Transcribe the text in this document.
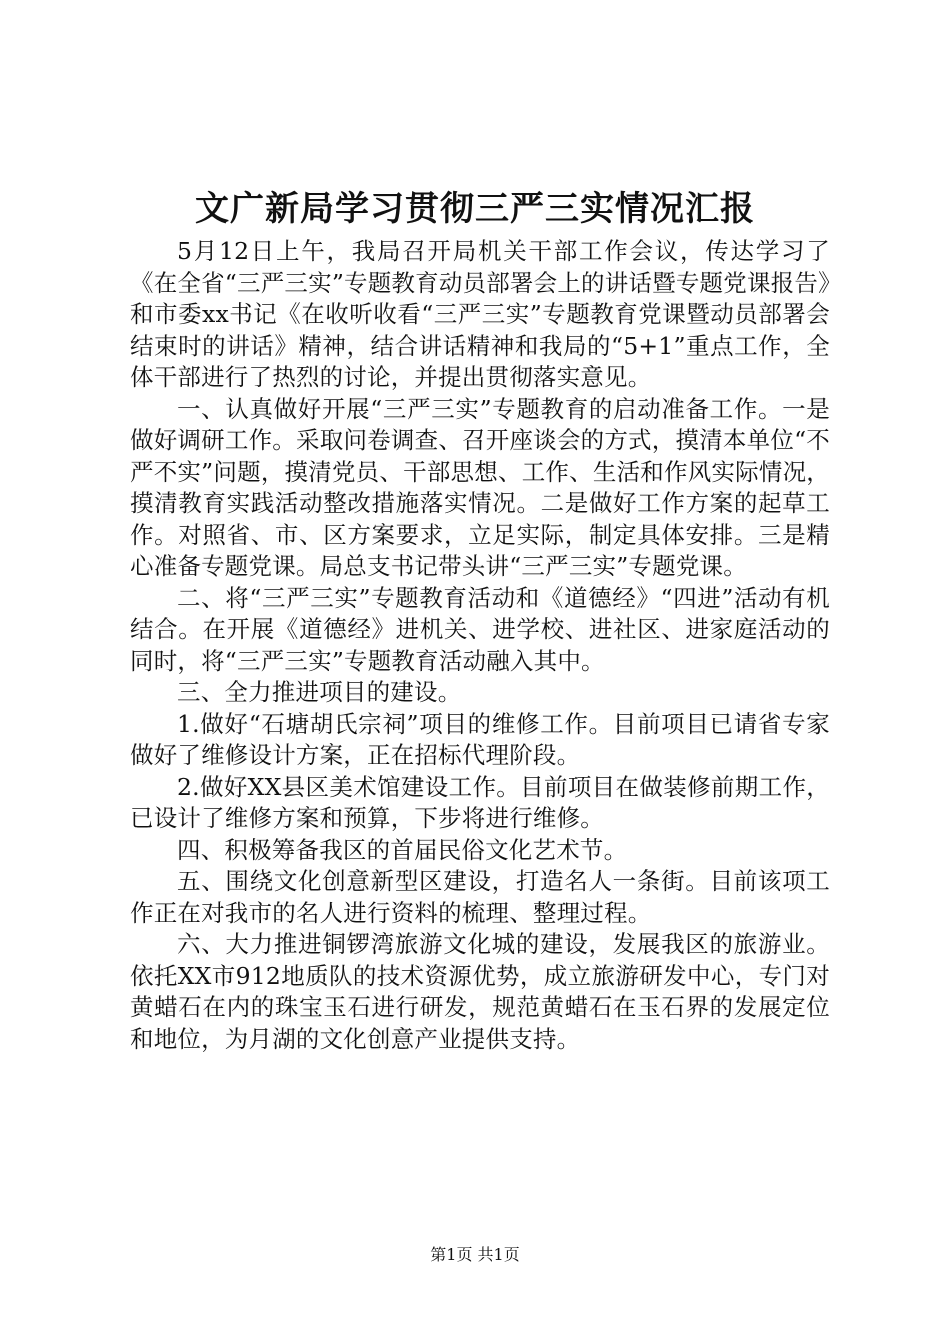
文广新局学习贯彻三严三实情况汇报

5月12日上午，我局召开局机关干部工作会议，传达学习了《在全省“三严三实”专题教育动员部署会上的讲话暨专题党课报告》和市委xx书记《在收听收看“三严三实”专题教育党课暨动员部署会结束时的讲话》精神，结合讲话精神和我局的“5+1”重点工作，全体干部进行了热烈的讨论，并提出贯彻落实意见。

一、认真做好开展“三严三实”专题教育的启动准备工作。一是做好调研工作。采取问卷调查、召开座谈会的方式，摸清本单位“不严不实”问题，摸清党员、干部思想、工作、生活和作风实际情况，摸清教育实践活动整改措施落实情况。二是做好工作方案的起草工作。对照省、市、区方案要求，立足实际，制定具体安排。三是精心准备专题党课。局总支书记带头讲“三严三实”专题党课。

二、将“三严三实”专题教育活动和《道德经》“四进”活动有机结合。在开展《道德经》进机关、进学校、进社区、进家庭活动的同时，将“三严三实”专题教育活动融入其中。

三、全力推进项目的建设。

1.做好“石塘胡氏宗祠”项目的维修工作。目前项目已请省专家做好了维修设计方案，正在招标代理阶段。

2.做好XX县区美术馆建设工作。目前项目在做装修前期工作，已设计了维修方案和预算，下步将进行维修。

四、积极筹备我区的首届民俗文化艺术节。

五、围绕文化创意新型区建设，打造名人一条街。目前该项工作正在对我市的名人进行资料的梳理、整理过程。

六、大力推进铜锣湾旅游文化城的建设，发展我区的旅游业。依托XX市912地质队的技术资源优势，成立旅游研发中心，专门对黄蜡石在内的珠宝玉石进行研发，规范黄蜡石在玉石界的发展定位和地位，为月湖的文化创意产业提供支持。

第1页 共1页
